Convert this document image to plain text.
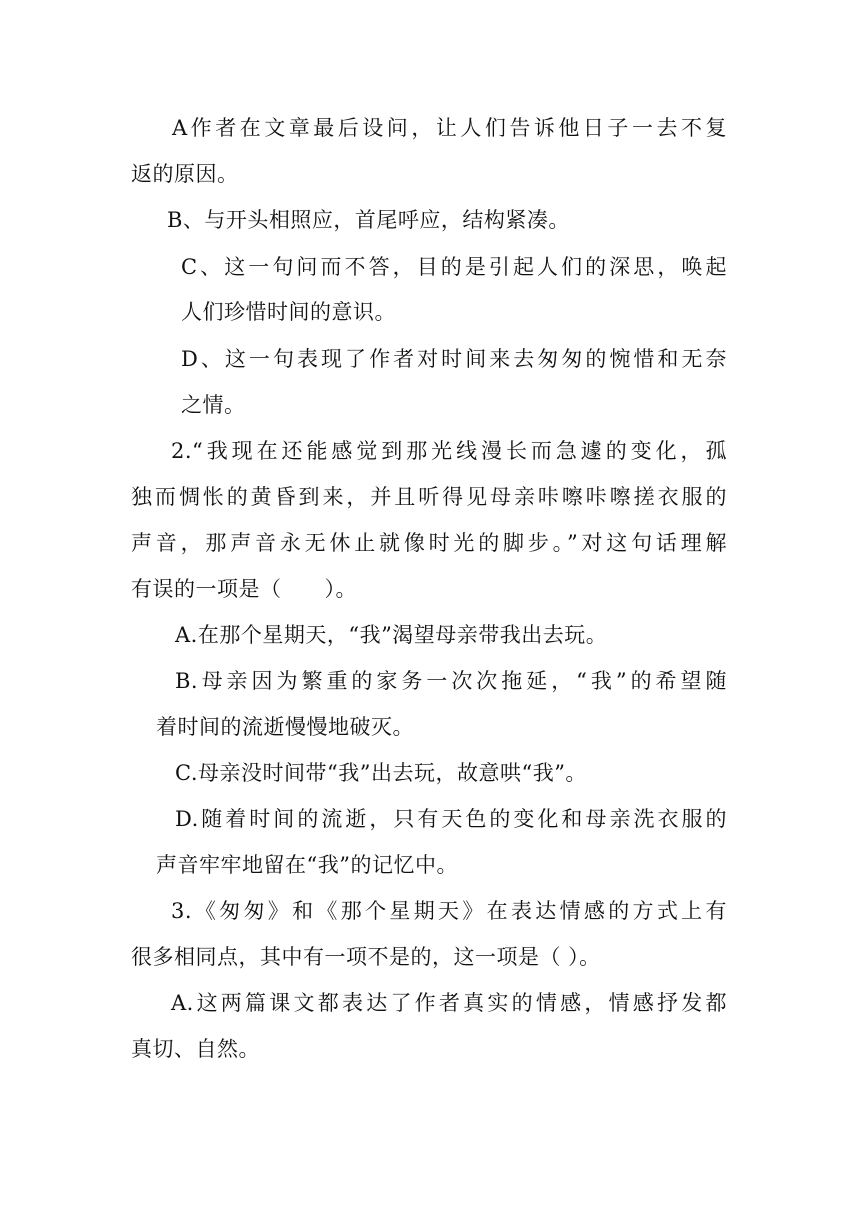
A作者在文章最后设问，让人们告诉他日子一去不复
返的原因。
B、与开头相照应，首尾呼应，结构紧凑。
C、这一句问而不答，目的是引起人们的深思，唤起
人们珍惜时间的意识。
D、这一句表现了作者对时间来去匆匆的惋惜和无奈
之情。
2.“我现在还能感觉到那光线漫长而急遽的变化，孤
独而惆怅的黄昏到来，并且听得见母亲咔嚓咔嚓搓衣服的
声音，那声音永无休止就像时光的脚步。”对这句话理解
有误的一项是（　　）。
A.在那个星期天，“我”渴望母亲带我出去玩。
B.母亲因为繁重的家务一次次拖延，“我”的希望随
着时间的流逝慢慢地破灭。
C.母亲没时间带“我”出去玩，故意哄“我”。
D.随着时间的流逝，只有天色的变化和母亲洗衣服的
声音牢牢地留在“我”的记忆中。
3.《匆匆》和《那个星期天》在表达情感的方式上有
很多相同点，其中有一项不是的，这一项是（ ）。
A.这两篇课文都表达了作者真实的情感，情感抒发都
真切、自然。
